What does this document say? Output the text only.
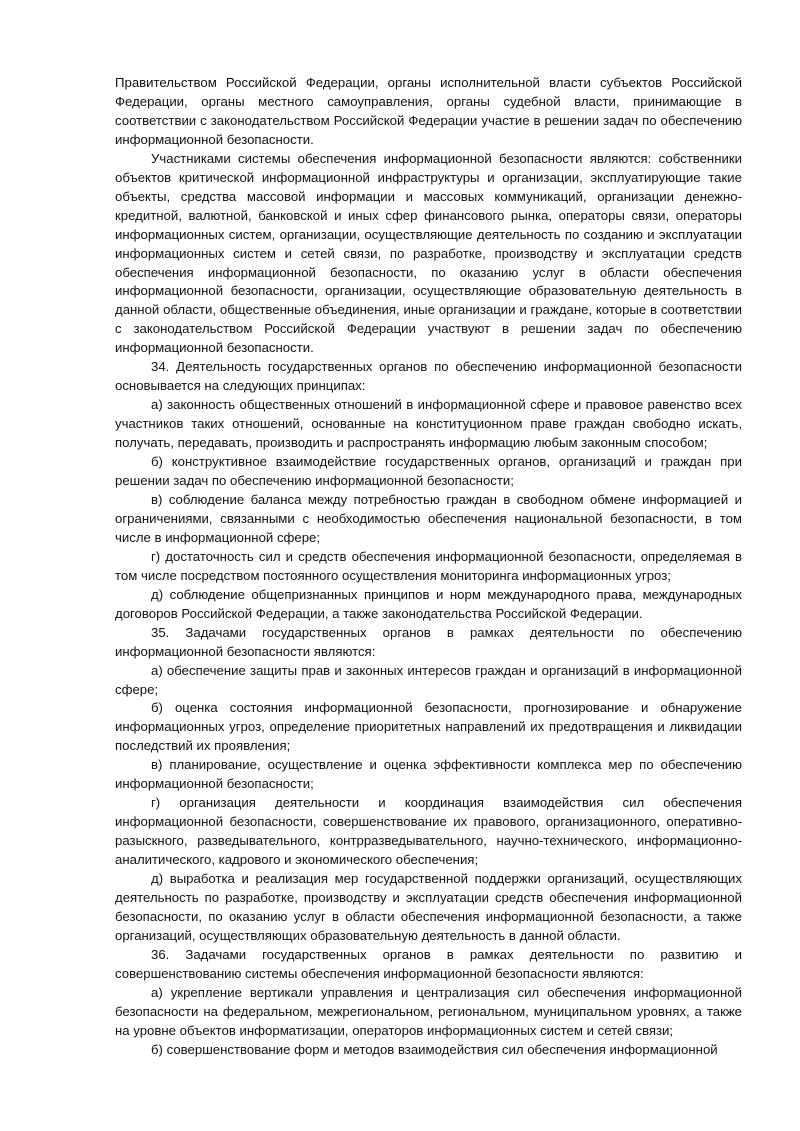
Правительством Российской Федерации, органы исполнительной власти субъектов Российской Федерации, органы местного самоуправления, органы судебной власти, принимающие в соответствии с законодательством Российской Федерации участие в решении задач по обеспечению информационной безопасности.

Участниками системы обеспечения информационной безопасности являются: собственники объектов критической информационной инфраструктуры и организации, эксплуатирующие такие объекты, средства массовой информации и массовых коммуникаций, организации денежно-кредитной, валютной, банковской и иных сфер финансового рынка, операторы связи, операторы информационных систем, организации, осуществляющие деятельность по созданию и эксплуатации информационных систем и сетей связи, по разработке, производству и эксплуатации средств обеспечения информационной безопасности, по оказанию услуг в области обеспечения информационной безопасности, организации, осуществляющие образовательную деятельность в данной области, общественные объединения, иные организации и граждане, которые в соответствии с законодательством Российской Федерации участвуют в решении задач по обеспечению информационной безопасности.

34. Деятельность государственных органов по обеспечению информационной безопасности основывается на следующих принципах:

а) законность общественных отношений в информационной сфере и правовое равенство всех участников таких отношений, основанные на конституционном праве граждан свободно искать, получать, передавать, производить и распространять информацию любым законным способом;

б) конструктивное взаимодействие государственных органов, организаций и граждан при решении задач по обеспечению информационной безопасности;

в) соблюдение баланса между потребностью граждан в свободном обмене информацией и ограничениями, связанными с необходимостью обеспечения национальной безопасности, в том числе в информационной сфере;

г) достаточность сил и средств обеспечения информационной безопасности, определяемая в том числе посредством постоянного осуществления мониторинга информационных угроз;

д) соблюдение общепризнанных принципов и норм международного права, международных договоров Российской Федерации, а также законодательства Российской Федерации.

35. Задачами государственных органов в рамках деятельности по обеспечению информационной безопасности являются:

а) обеспечение защиты прав и законных интересов граждан и организаций в информационной сфере;

б) оценка состояния информационной безопасности, прогнозирование и обнаружение информационных угроз, определение приоритетных направлений их предотвращения и ликвидации последствий их проявления;

в) планирование, осуществление и оценка эффективности комплекса мер по обеспечению информационной безопасности;

г) организация деятельности и координация взаимодействия сил обеспечения информационной безопасности, совершенствование их правового, организационного, оперативно-разыскного, разведывательного, контрразведывательного, научно-технического, информационно-аналитического, кадрового и экономического обеспечения;

д) выработка и реализация мер государственной поддержки организаций, осуществляющих деятельность по разработке, производству и эксплуатации средств обеспечения информационной безопасности, по оказанию услуг в области обеспечения информационной безопасности, а также организаций, осуществляющих образовательную деятельность в данной области.

36. Задачами государственных органов в рамках деятельности по развитию и совершенствованию системы обеспечения информационной безопасности являются:

а) укрепление вертикали управления и централизация сил обеспечения информационной безопасности на федеральном, межрегиональном, региональном, муниципальном уровнях, а также на уровне объектов информатизации, операторов информационных систем и сетей связи;

б) совершенствование форм и методов взаимодействия сил обеспечения информационной
